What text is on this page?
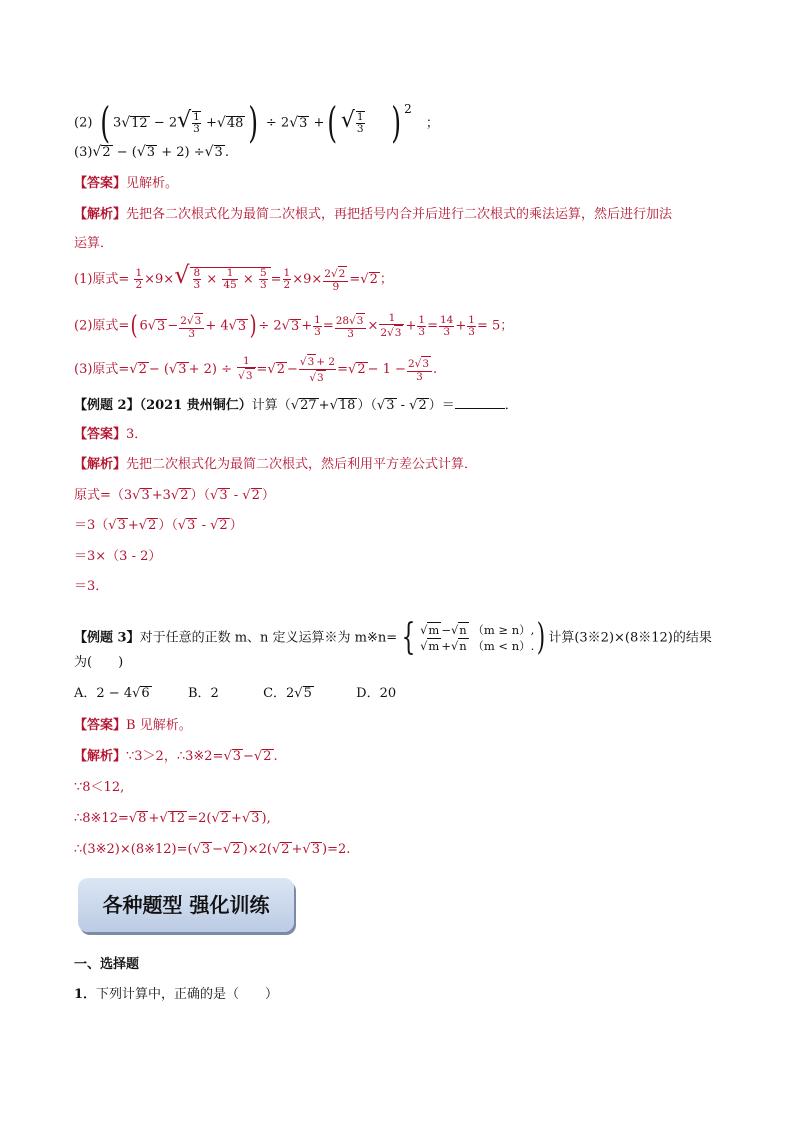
(2) ( $3√12 - 2√ \frac{1}{3} +√48$ ) ÷ 2√3 +( √ $\frac{1}{3}$ ) $^2$ ；
(3)√2 − (√3 + 2) ÷√3 .
【答案】见解析。
【解析】先把各二次根式化为最简二次根式，再把括号内合并后进行二次根式的乘法运算，然后进行加法
运算．
(1)原式= $\frac{1}{2} \times 9\times√ \frac{8}{3} \times \frac{1}{45} \times \frac{5}{3} = \frac{1}{2} \times 9\times \frac{2√2}{9} =√2$ ；
(2)原式=( $6√3 - \frac{2√3}{3} + 4√3$ ) ÷ $2√3 + \frac{1}{3} = \frac{28√3}{3} \times \frac{1}{2√3} + \frac{1}{3} = \frac{14}{3} + \frac{1}{3} = 5$；
(3)原式$=√2 - (√3 + 2) \div \frac{1}{√3} =√2 - \frac{√3 + 2}{√3} =√2 - 1 - \frac{2√3}{3}$ .
【例题 2】（2021 贵州铜仁）计算（√27 +√18 ）（√3 - √2 ）＝	．
【答案】3．
【解析】先把二次根式化为最简二次根式，然后利用平方差公式计算．
原式=（3√3 +3√2 ）（√3 - √2 ）
＝3（√3 +√2 ）（√3 - √2 ）
＝3×（3 - 2）
＝3．
【例题 3】对于任意的正数 m、n 定义运算※为 m※n= { √m −√n （m ≥ n）,
√m +√n （m < n）. ) 计算(3※2)×(8※12)的结果
为(　　)
A．2 − 4√6	B．2	C．2√5	D．20
【答案】B 见解析。
【解析】∵3＞2，∴3※2=√3 −√2 .
∵8＜12,
∴8※12=√8 +√12 =2(√2 +√3 ),
∴(3※2)×(8※12)=(√3 −√2 )×2(√2 +√3 )=2.
各种题型 强化训练
一、选择题
1．下列计算中，正确的是（　　）
